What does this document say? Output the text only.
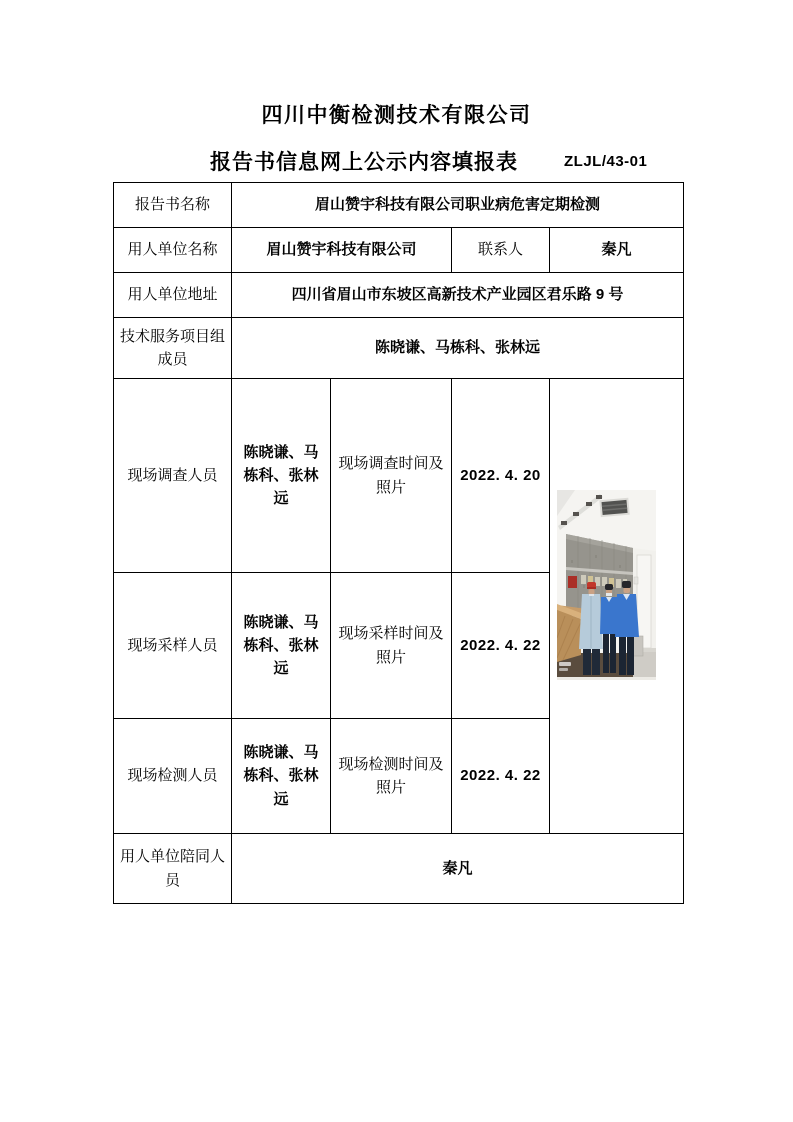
四川中衡检测技术有限公司
报告书信息网上公示内容填报表	ZLJL/43-01
报告书名称	眉山赞宇科技有限公司职业病危害定期检测			
用人单位名称	眉山赞宇科技有限公司		联系人	秦凡
用人单位地址	四川省眉山市东坡区高新技术产业园区君乐路 9 号			
技术服务项目组成员	陈晓谦、马栋科、张林远			
现场调查人员	陈晓谦、马栋科、张林远	现场调查时间及照片	2022. 4. 20	

现场采样人员	陈晓谦、马栋科、张林远	现场采样时间及照片	2022. 4. 22	
现场检测人员	陈晓谦、马栋科、张林远	现场检测时间及照片	2022. 4. 22	
用人单位陪同人员	秦凡			
